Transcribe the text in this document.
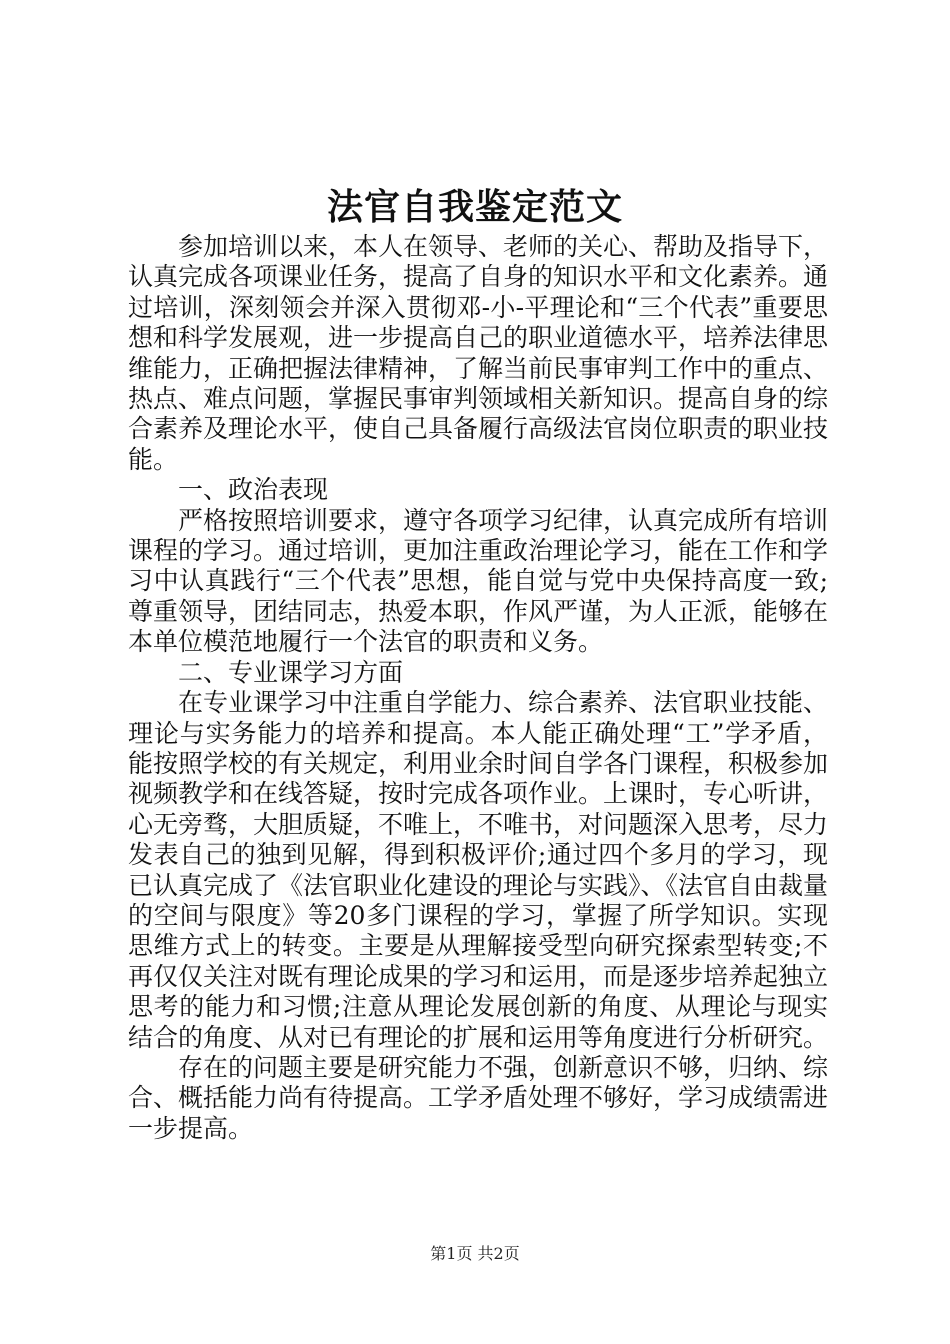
法官自我鉴定范文

参加培训以来，本人在领导、老师的关心、帮助及指导下，认真完成各项课业任务，提高了自身的知识水平和文化素养。通过培训，深刻领会并深入贯彻邓-小-平理论和“三个代表”重要思想和科学发展观，进一步提高自己的职业道德水平，培养法律思维能力，正确把握法律精神，了解当前民事审判工作中的重点、热点、难点问题，掌握民事审判领域相关新知识。提高自身的综合素养及理论水平，使自己具备履行高级法官岗位职责的职业技能。

一、政治表现

严格按照培训要求，遵守各项学习纪律，认真完成所有培训课程的学习。通过培训，更加注重政治理论学习，能在工作和学习中认真践行“三个代表”思想，能自觉与党中央保持高度一致;尊重领导，团结同志，热爱本职，作风严谨，为人正派，能够在本单位模范地履行一个法官的职责和义务。

二、专业课学习方面

在专业课学习中注重自学能力、综合素养、法官职业技能、理论与实务能力的培养和提高。本人能正确处理“工”学矛盾，能按照学校的有关规定，利用业余时间自学各门课程，积极参加视频教学和在线答疑，按时完成各项作业。上课时，专心听讲，心无旁骛，大胆质疑，不唯上，不唯书，对问题深入思考，尽力发表自己的独到见解，得到积极评价;通过四个多月的学习，现已认真完成了《法官职业化建设的理论与实践》、《法官自由裁量的空间与限度》等20多门课程的学习，掌握了所学知识。实现思维方式上的转变。主要是从理解接受型向研究探索型转变;不再仅仅关注对既有理论成果的学习和运用，而是逐步培养起独立思考的能力和习惯;注意从理论发展创新的角度、从理论与现实结合的角度、从对已有理论的扩展和运用等角度进行分析研究。

存在的问题主要是研究能力不强，创新意识不够，归纳、综合、概括能力尚有待提高。工学矛盾处理不够好，学习成绩需进一步提高。

第1页 共2页
